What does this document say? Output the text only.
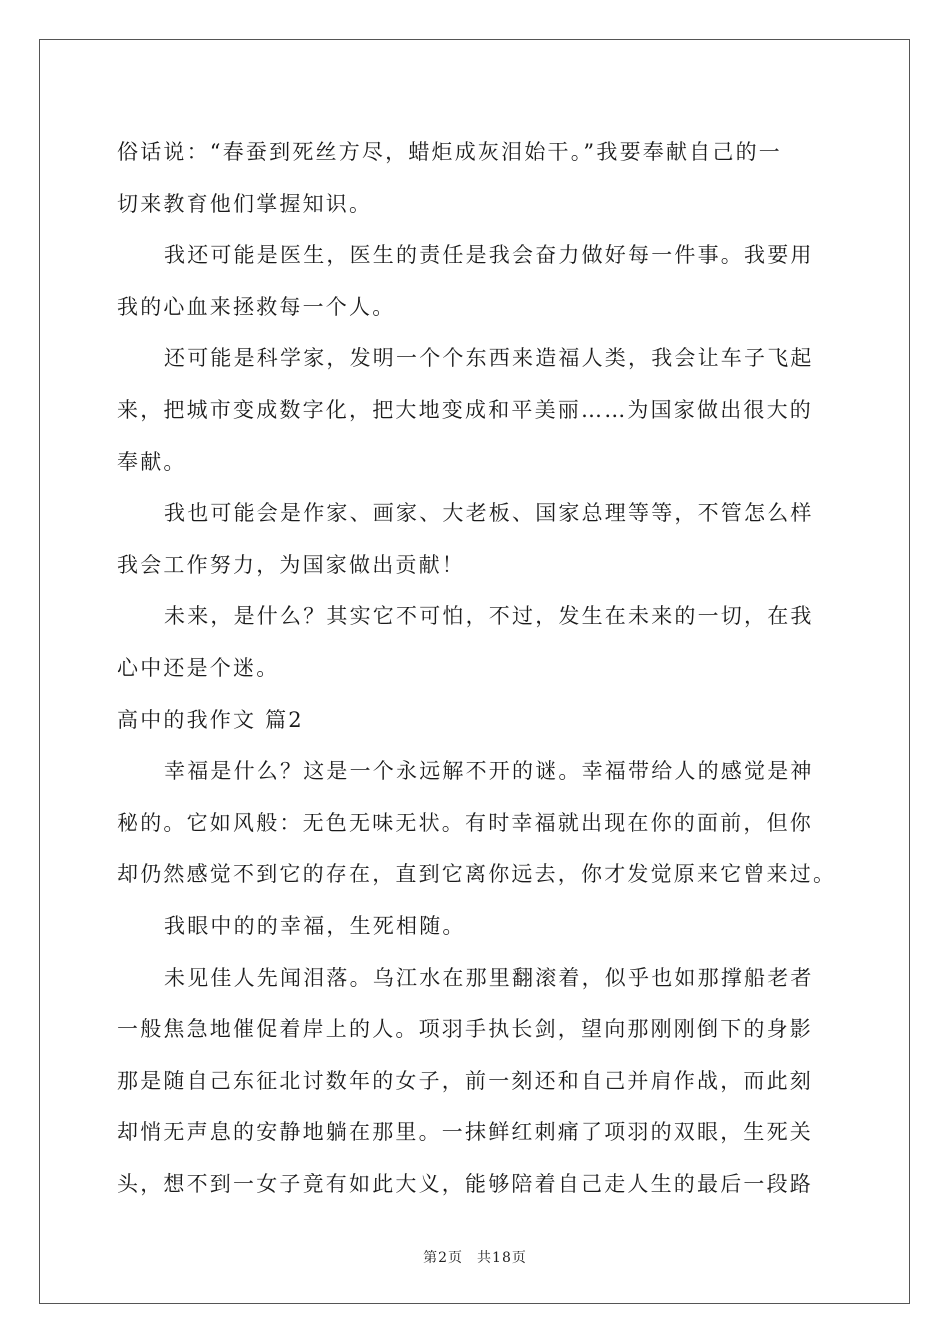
俗话说：“春蚕到死丝方尽，蜡炬成灰泪始干。”我要奉献自己的一
切来教育他们掌握知识。
我还可能是医生，医生的责任是我会奋力做好每一件事。我要用
我的心血来拯救每一个人。
还可能是科学家，发明一个个东西来造福人类，我会让车子飞起
来，把城市变成数字化，把大地变成和平美丽……为国家做出很大的
奉献。
我也可能会是作家、画家、大老板、国家总理等等，不管怎么样
我会工作努力，为国家做出贡献！
未来，是什么？其实它不可怕，不过，发生在未来的一切，在我
心中还是个迷。
高中的我作文 篇2
幸福是什么？这是一个永远解不开的谜。幸福带给人的感觉是神
秘的。它如风般：无色无味无状。有时幸福就出现在你的面前，但你
却仍然感觉不到它的存在，直到它离你远去，你才发觉原来它曾来过。
我眼中的的幸福，生死相随。
未见佳人先闻泪落。乌江水在那里翻滚着，似乎也如那撑船老者
一般焦急地催促着岸上的人。项羽手执长剑，望向那刚刚倒下的身影
那是随自己东征北讨数年的女子，前一刻还和自己并肩作战，而此刻
却悄无声息的安静地躺在那里。一抹鲜红刺痛了项羽的双眼，生死关
头，想不到一女子竟有如此大义，能够陪着自己走人生的最后一段路
第2页 共18页
